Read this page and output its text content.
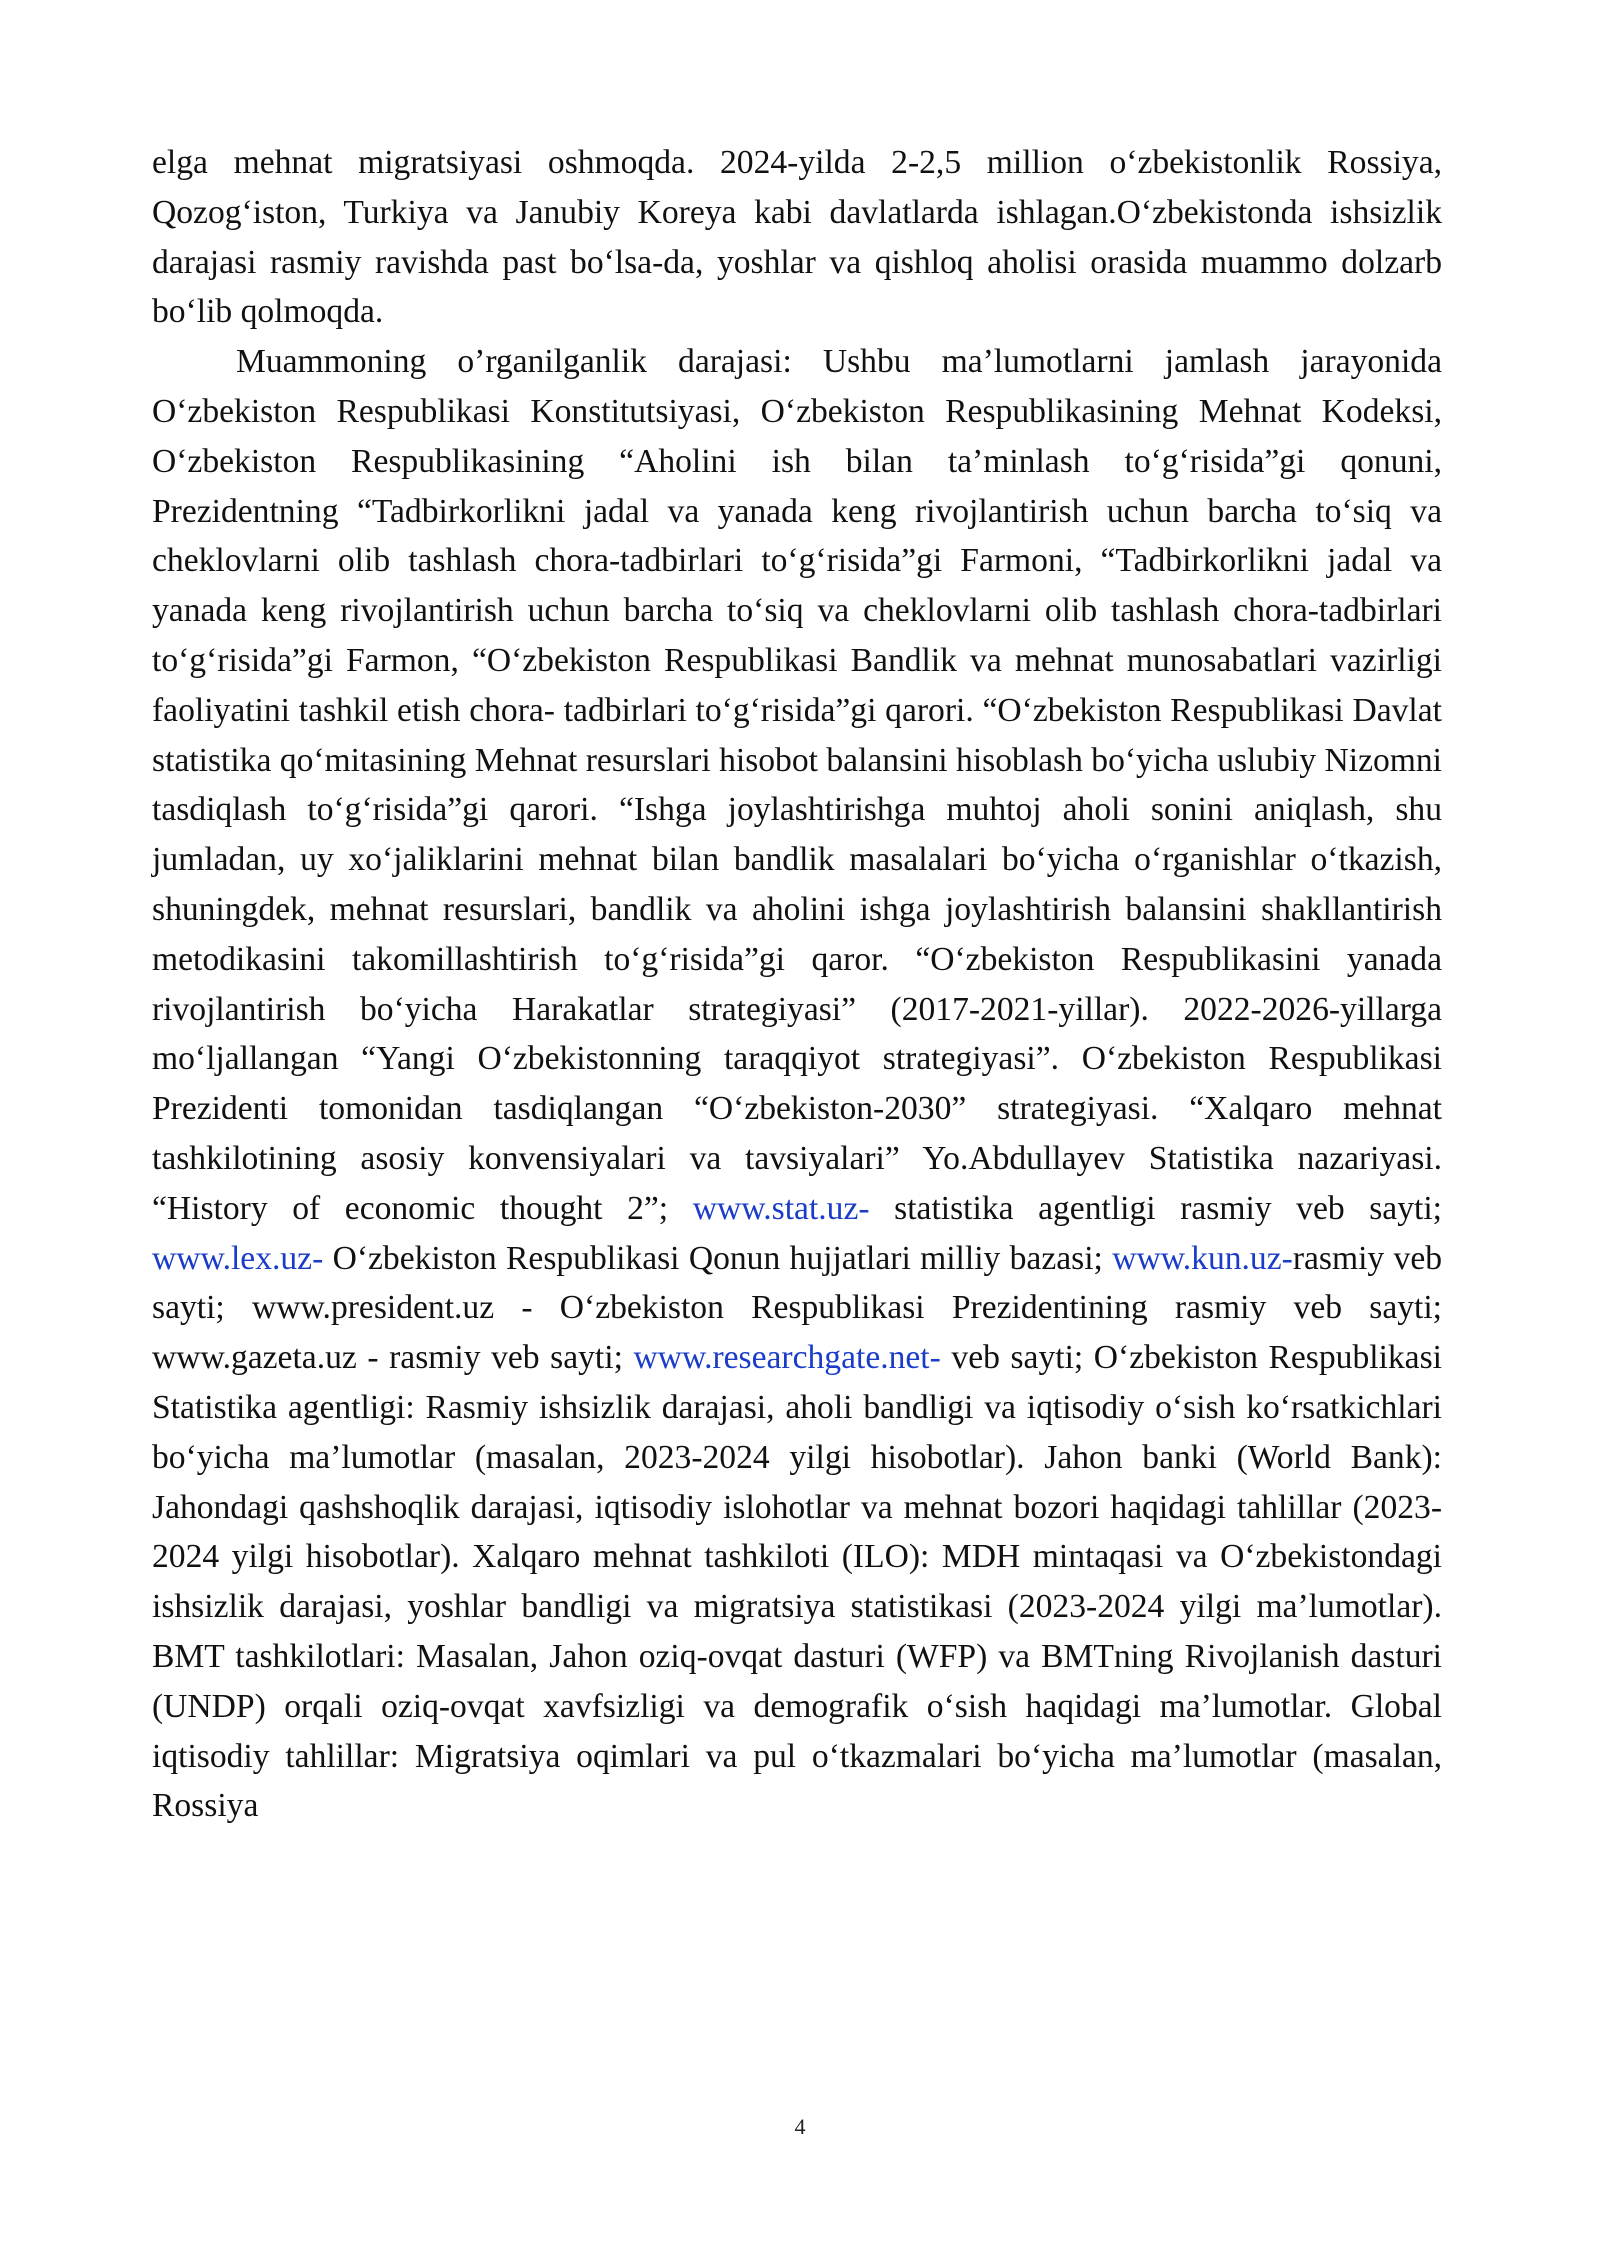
elga mehnat migratsiyasi oshmoqda. 2024-yilda 2-2,5 million o‘zbekistonlik Rossiya, Qozog‘iston, Turkiya va Janubiy Koreya kabi davlatlarda ishlagan.O‘zbekistonda ishsizlik darajasi rasmiy ravishda past bo‘lsa-da, yoshlar va qishloq aholisi orasida muammo dolzarb bo‘lib qolmoqda.

Muammoning o’rganilganlik darajasi: Ushbu ma’lumotlarni jamlash jarayonida O‘zbekiston Respublikasi Konstitutsiyasi, O‘zbekiston Respublikasining Mehnat Kodeksi, O‘zbekiston Respublikasining “Aholini ish bilan ta’minlash to‘g‘risida”gi qonuni, Prezidentning “Tadbirkorlikni jadal va yanada keng rivojlantirish uchun barcha to‘siq va cheklovlarni olib tashlash chora-tadbirlari to‘g‘risida”gi Farmoni, “Tadbirkorlikni jadal va yanada keng rivojlantirish uchun barcha to‘siq va cheklovlarni olib tashlash chora-tadbirlari to‘g‘risida”gi Farmon, “O‘zbekiston Respublikasi Bandlik va mehnat munosabatlari vazirligi faoliyatini tashkil etish chora- tadbirlari to‘g‘risida”gi qarori. “O‘zbekiston Respublikasi Davlat statistika qo‘mitasining Mehnat resurslari hisobot balansini hisoblash bo‘yicha uslubiy Nizomni tasdiqlash to‘g‘risida”gi qarori. “Ishga joylashtirishga muhtoj aholi sonini aniqlash, shu jumladan, uy xo‘jaliklarini mehnat bilan bandlik masalalari bo‘yicha o‘rganishlar o‘tkazish, shuningdek, mehnat resurslari, bandlik va aholini ishga joylashtirish balansini shakllantirish metodikasini takomillashtirish to‘g‘risida”gi qaror. “O‘zbekiston Respublikasini yanada rivojlantirish bo‘yicha Harakatlar strategiyasi” (2017-2021-yillar). 2022-2026-yillarga mo‘ljallangan “Yangi O‘zbekistonning taraqqiyot strategiyasi”. O‘zbekiston Respublikasi Prezidenti tomonidan tasdiqlangan “O‘zbekiston-2030” strategiyasi. “Xalqaro mehnat tashkilotining asosiy konvensiyalari va tavsiyalari” Yo.Abdullayev Statistika nazariyasi. “History of economic thought 2”; www.stat.uz- statistika agentligi rasmiy veb sayti; www.lex.uz- O‘zbekiston Respublikasi Qonun hujjatlari milliy bazasi; www.kun.uz-rasmiy veb sayti; www.president.uz - O‘zbekiston Respublikasi Prezidentining rasmiy veb sayti; www.gazeta.uz - rasmiy veb sayti; www.researchgate.net- veb sayti; O‘zbekiston Respublikasi Statistika agentligi: Rasmiy ishsizlik darajasi, aholi bandligi va iqtisodiy o‘sish ko‘rsatkichlari bo‘yicha ma’lumotlar (masalan, 2023-2024 yilgi hisobotlar). Jahon banki (World Bank): Jahondagi qashshoqlik darajasi, iqtisodiy islohotlar va mehnat bozori haqidagi tahlillar (2023-2024 yilgi hisobotlar). Xalqaro mehnat tashkiloti (ILO): MDH mintaqasi va O‘zbekistondagi ishsizlik darajasi, yoshlar bandligi va migratsiya statistikasi (2023-2024 yilgi ma’lumotlar). BMT tashkilotlari: Masalan, Jahon oziq-ovqat dasturi (WFP) va BMTning Rivojlanish dasturi (UNDP) orqali oziq-ovqat xavfsizligi va demografik o‘sish haqidagi ma’lumotlar. Global iqtisodiy tahlillar: Migratsiya oqimlari va pul o‘tkazmalari bo‘yicha ma’lumotlar (masalan, Rossiya

4
